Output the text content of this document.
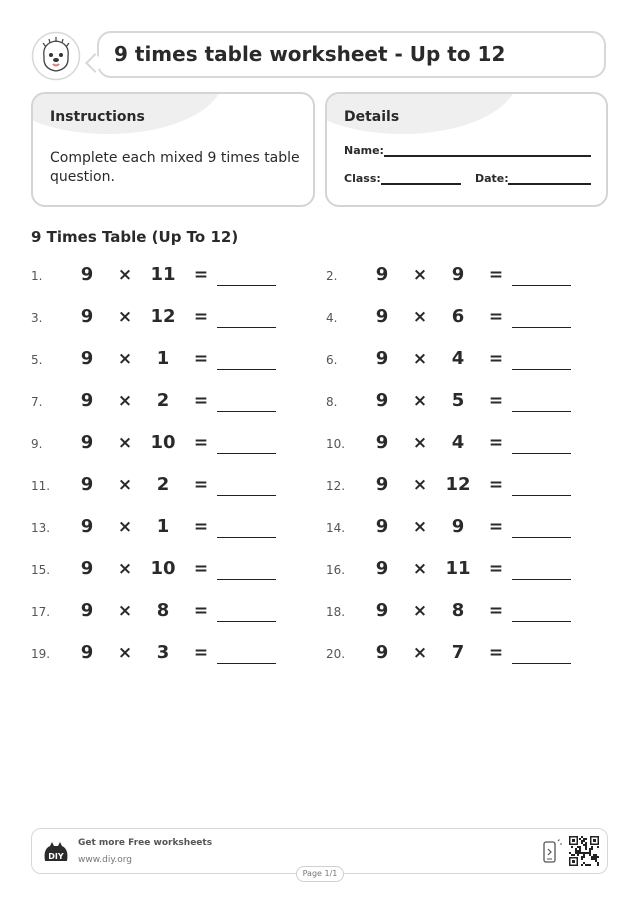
9 times table worksheet - Up to 12
Instructions
Complete each mixed 9 times table question.
Details
Name:
Class:	Date:
9 Times Table (Up To 12)
1.	9	×	11	=	2.	9	×	9	=
3.	9	×	12	=	4.	9	×	6	=
5.	9	×	1	=	6.	9	×	4	=
7.	9	×	2	=	8.	9	×	5	=
9.	9	×	10	=	10.	9	×	4	=
11.	9	×	2	=	12.	9	×	12	=
13.	9	×	1	=	14.	9	×	9	=
15.	9	×	10	=	16.	9	×	11	=
17.	9	×	8	=	18.	9	×	8	=
19.	9	×	3	=	20.	9	×	7	=
DIY
Get more Free worksheets
www.diy.org
Page 1/1
